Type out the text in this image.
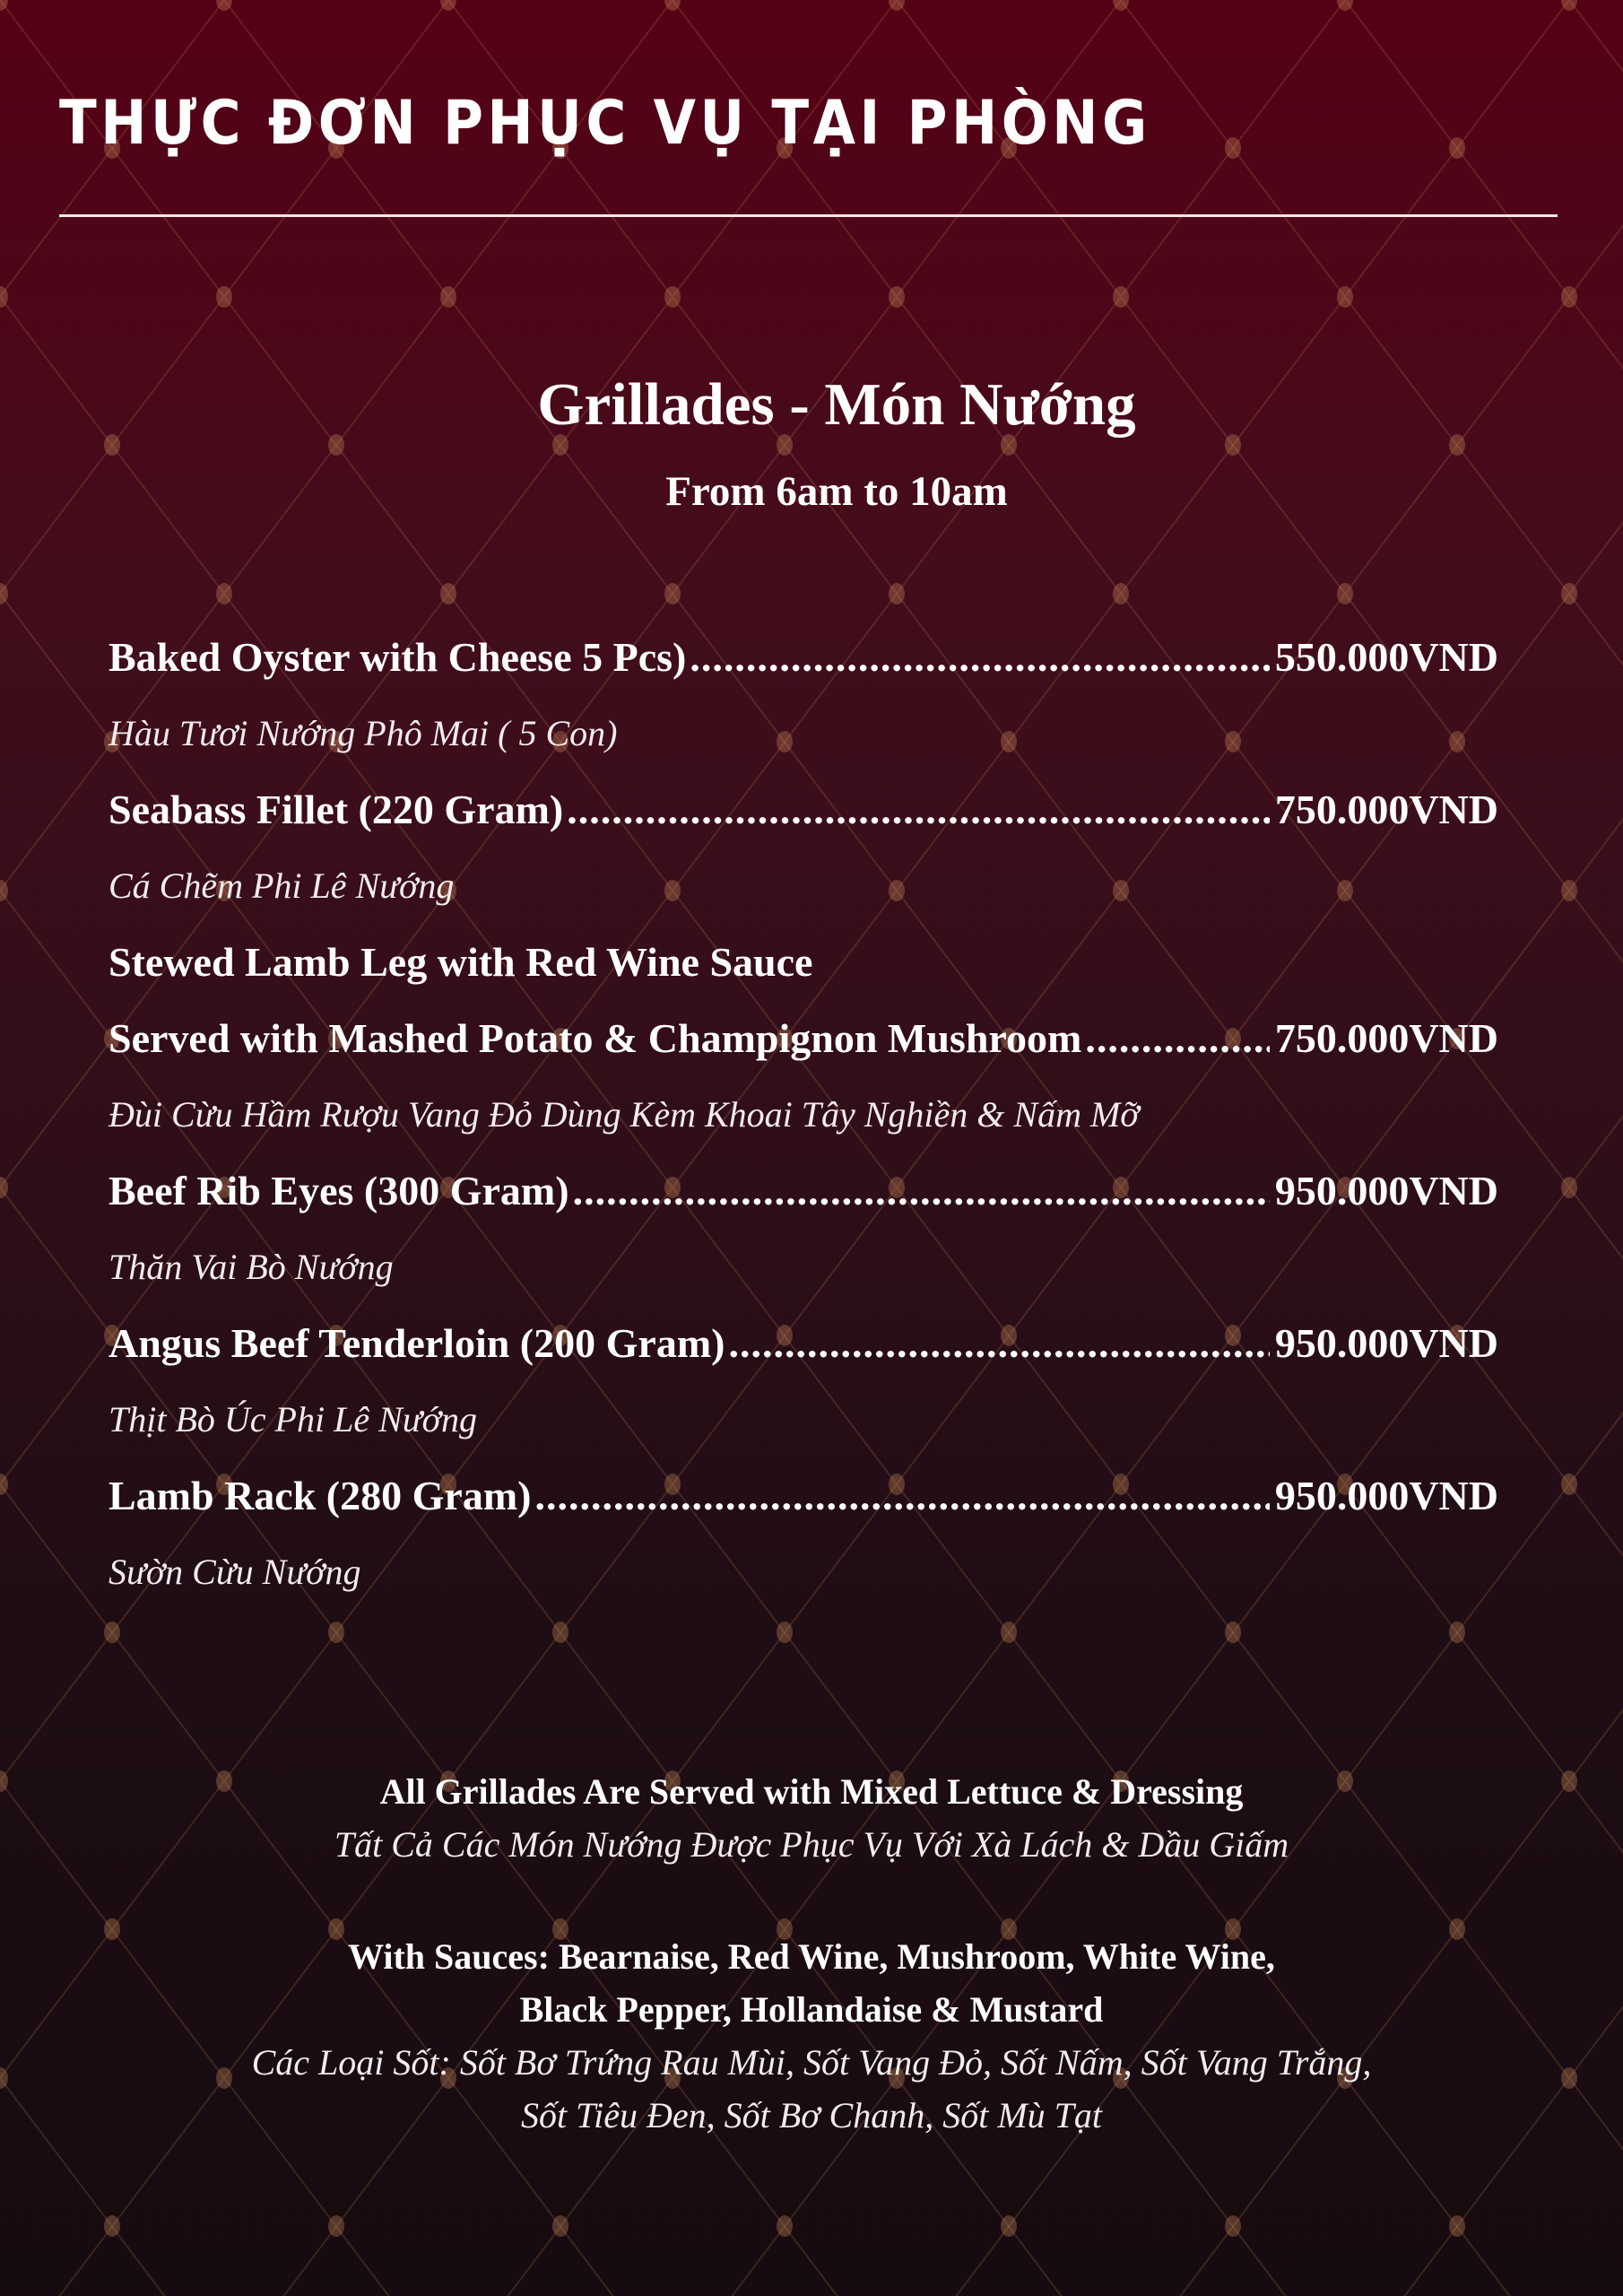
THỰC ĐƠN PHỤC VỤ TẠI PHÒNG
Grillades - Món Nướng
From 6am to 10am
Baked Oyster with Cheese 5 Pcs) .....	550.000VND
Hàu Tươi Nướng Phô Mai ( 5 Con)
Seabass Fillet (220 Gram) .....	750.000VND
Cá Chẽm Phi Lê Nướng
Stewed Lamb Leg with Red Wine Sauce
Served with Mashed Potato & Champignon Mushroom .....	750.000VND
Đùi Cừu Hầm Rượu Vang Đỏ Dùng Kèm Khoai Tây Nghiền & Nấm Mỡ
Beef Rib Eyes (300 Gram) .....	950.000VND
Thăn Vai Bò Nướng
Angus Beef Tenderloin (200 Gram) .....	950.000VND
Thịt Bò Úc Phi Lê Nướng
Lamb Rack (280 Gram) .....	950.000VND
Sườn Cừu Nướng
All Grillades Are Served with Mixed Lettuce & Dressing
Tất Cả Các Món Nướng Được Phục Vụ Với Xà Lách & Dầu Giấm
With Sauces: Bearnaise, Red Wine, Mushroom, White Wine,
Black Pepper, Hollandaise & Mustard
Các Loại Sốt: Sốt Bơ Trứng Rau Mùi, Sốt Vang Đỏ, Sốt Nấm, Sốt Vang Trắng,
Sốt Tiêu Đen, Sốt Bơ Chanh, Sốt Mù Tạt
